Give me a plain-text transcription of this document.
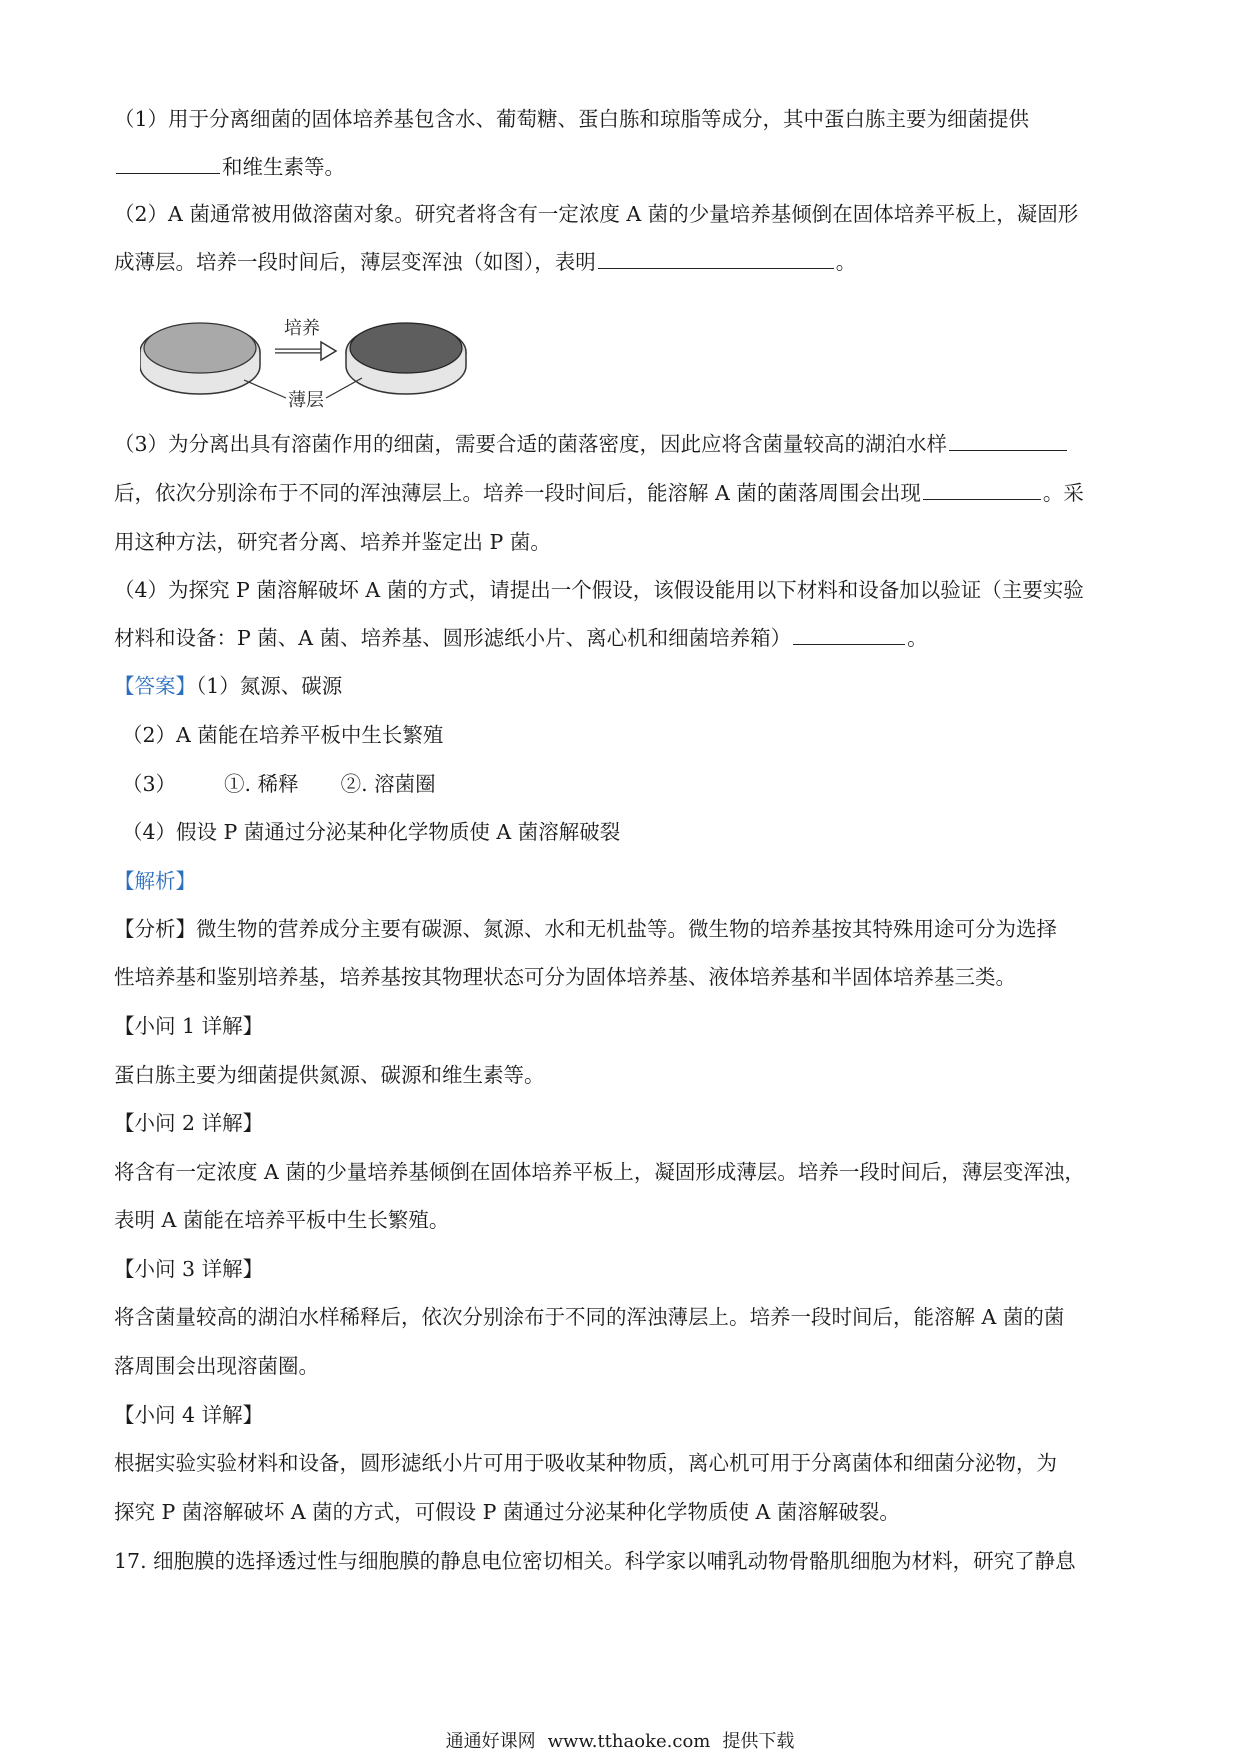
（1）用于分离细菌的固体培养基包含水、葡萄糖、蛋白胨和琼脂等成分，其中蛋白胨主要为细菌提供
和维生素等。
（2）A 菌通常被用做溶菌对象。研究者将含有一定浓度 A 菌的少量培养基倾倒在固体培养平板上，凝固形
成薄层。培养一段时间后，薄层变浑浊（如图），表明	。
培养
薄层
（3）为分离出具有溶菌作用的细菌，需要合适的菌落密度，因此应将含菌量较高的湖泊水样
后，依次分别涂布于不同的浑浊薄层上。培养一段时间后，能溶解 A 菌的菌落周围会出现	。采
用这种方法，研究者分离、培养并鉴定出 P 菌。
（4）为探究 P 菌溶解破坏 A 菌的方式，请提出一个假设，该假设能用以下材料和设备加以验证（主要实验
材料和设备：P 菌、A 菌、培养基、圆形滤纸小片、离心机和细菌培养箱）	。
【答案】（1）氮源、碳源
（2）A 菌能在培养平板中生长繁殖
（3） ①. 稀释 ②. 溶菌圈
（4）假设 P 菌通过分泌某种化学物质使 A 菌溶解破裂
【解析】
【分析】微生物的营养成分主要有碳源、氮源、水和无机盐等。微生物的培养基按其特殊用途可分为选择
性培养基和鉴别培养基，培养基按其物理状态可分为固体培养基、液体培养基和半固体培养基三类。
【小问 1 详解】
蛋白胨主要为细菌提供氮源、碳源和维生素等。
【小问 2 详解】
将含有一定浓度 A 菌的少量培养基倾倒在固体培养平板上，凝固形成薄层。培养一段时间后，薄层变浑浊，
表明 A 菌能在培养平板中生长繁殖。
【小问 3 详解】
将含菌量较高的湖泊水样稀释后，依次分别涂布于不同的浑浊薄层上。培养一段时间后，能溶解 A 菌的菌
落周围会出现溶菌圈。
【小问 4 详解】
根据实验实验材料和设备，圆形滤纸小片可用于吸收某种物质，离心机可用于分离菌体和细菌分泌物，为
探究 P 菌溶解破坏 A 菌的方式，可假设 P 菌通过分泌某种化学物质使 A 菌溶解破裂。
17. 细胞膜的选择透过性与细胞膜的静息电位密切相关。科学家以哺乳动物骨骼肌细胞为材料，研究了静息
通通好课网 www.tthaoke.com 提供下载
